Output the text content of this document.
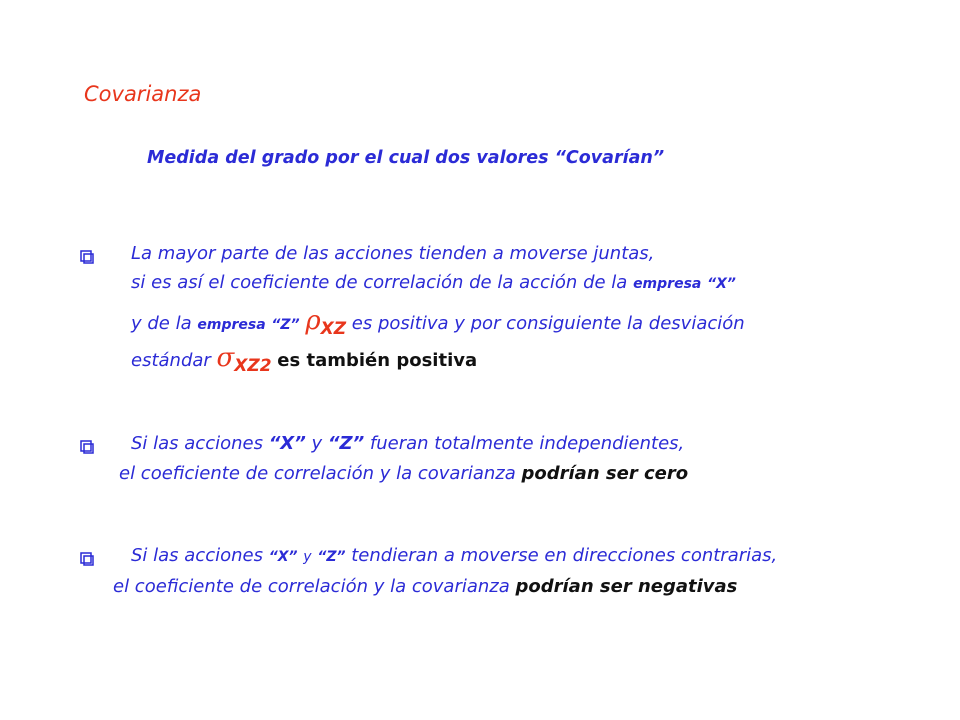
Covarianza
Medida del grado por el cual dos valores “Covarían”
La mayor parte de las acciones tienden a moverse juntas,
si es así el coeficiente de correlación de la acción de la empresa “X”
y de la empresa “Z” ρXZ es positiva y por consiguiente la desviación
estándar σXZ2 es también positiva
Si las acciones “X” y “Z” fueran totalmente independientes,
el coeficiente de correlación y la covarianza podrían ser cero
Si las acciones “X” y “Z” tendieran a moverse en direcciones contrarias,
el coeficiente de correlación y la covarianza podrían ser negativas
